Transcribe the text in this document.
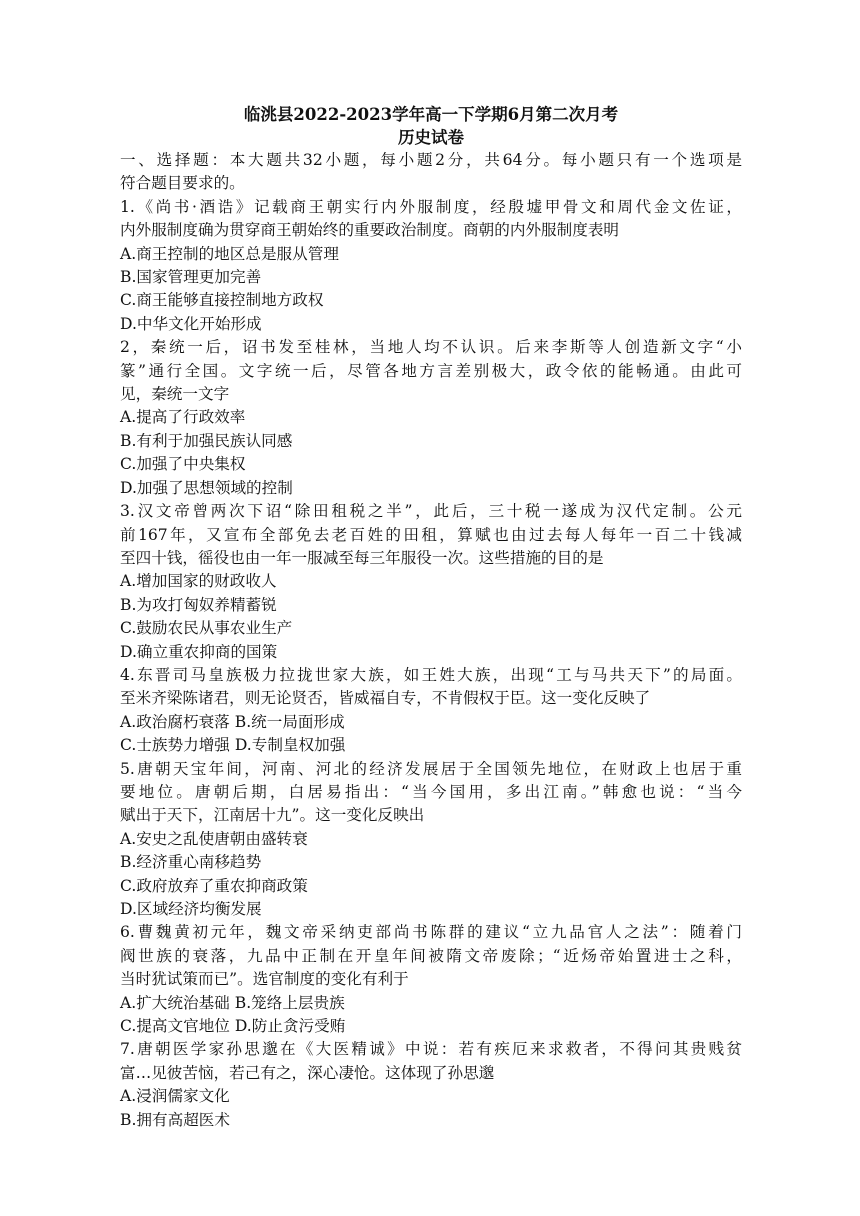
临洮县2022-2023学年高一下学期6月第二次月考
历史试卷
一、选择题：本大题共32小题，每小题2分，共64分。每小题只有一个选项是
符合题目要求的。
1.《尚书·酒诰》记载商王朝实行内外服制度，经殷墟甲骨文和周代金文佐证，
内外服制度确为贯穿商王朝始终的重要政治制度。商朝的内外服制度表明
A.商王控制的地区总是服从管理
B.国家管理更加完善
C.商王能够直接控制地方政权
D.中华文化开始形成
2，秦统一后，诏书发至桂林，当地人均不认识。后来李斯等人创造新文字“小
篆”通行全国。文字统一后，尽管各地方言差别极大，政令依的能畅通。由此可
见，秦统一文字
A.提高了行政效率
B.有利于加强民族认同感
C.加强了中央集权
D.加强了思想领域的控制
3.汉文帝曾两次下诏“除田租税之半”，此后，三十税一遂成为汉代定制。公元
前167年，又宣布全部免去老百姓的田租，算赋也由过去每人每年一百二十钱减
至四十钱，徭役也由一年一服减至每三年服役一次。这些措施的目的是
A.增加国家的财政收人
B.为攻打匈奴养精蓄锐
C.鼓励农民从事农业生产
D.确立重农抑商的国策
4.东晋司马皇族极力拉拢世家大族，如王姓大族，出现“工与马共天下”的局面。
至米齐梁陈诸君，则无论贤否，皆威福自专，不肯假权于臣。这一变化反映了
A.政治腐朽衰落 B.统一局面形成
C.士族势力增强 D.专制皇权加强
5.唐朝天宝年间，河南、河北的经济发展居于全国领先地位，在财政上也居于重
要地位。唐朝后期，白居易指出：“当今国用，多出江南。”韩愈也说：“当今
赋出于天下，江南居十九”。这一变化反映出
A.安史之乱使唐朝由盛转衰
B.经济重心南移趋势
C.政府放弃了重农抑商政策
D.区域经济均衡发展
6.曹魏黄初元年，魏文帝采纳吏部尚书陈群的建议“立九品官人之法”：随着门
阀世族的衰落，九品中正制在开皇年间被隋文帝废除；“近炀帝始置进士之科，
当时犹试策而已”。选官制度的变化有利于
A.扩大统治基础 B.笼络上层贵族
C.提高文官地位 D.防止贪污受贿
7.唐朝医学家孙思邈在《大医精诚》中说：若有疾厄来求救者，不得问其贵贱贫
富…见彼苦恼，若己有之，深心凄怆。这体现了孙思邈
A.浸润儒家文化
B.拥有高超医术
